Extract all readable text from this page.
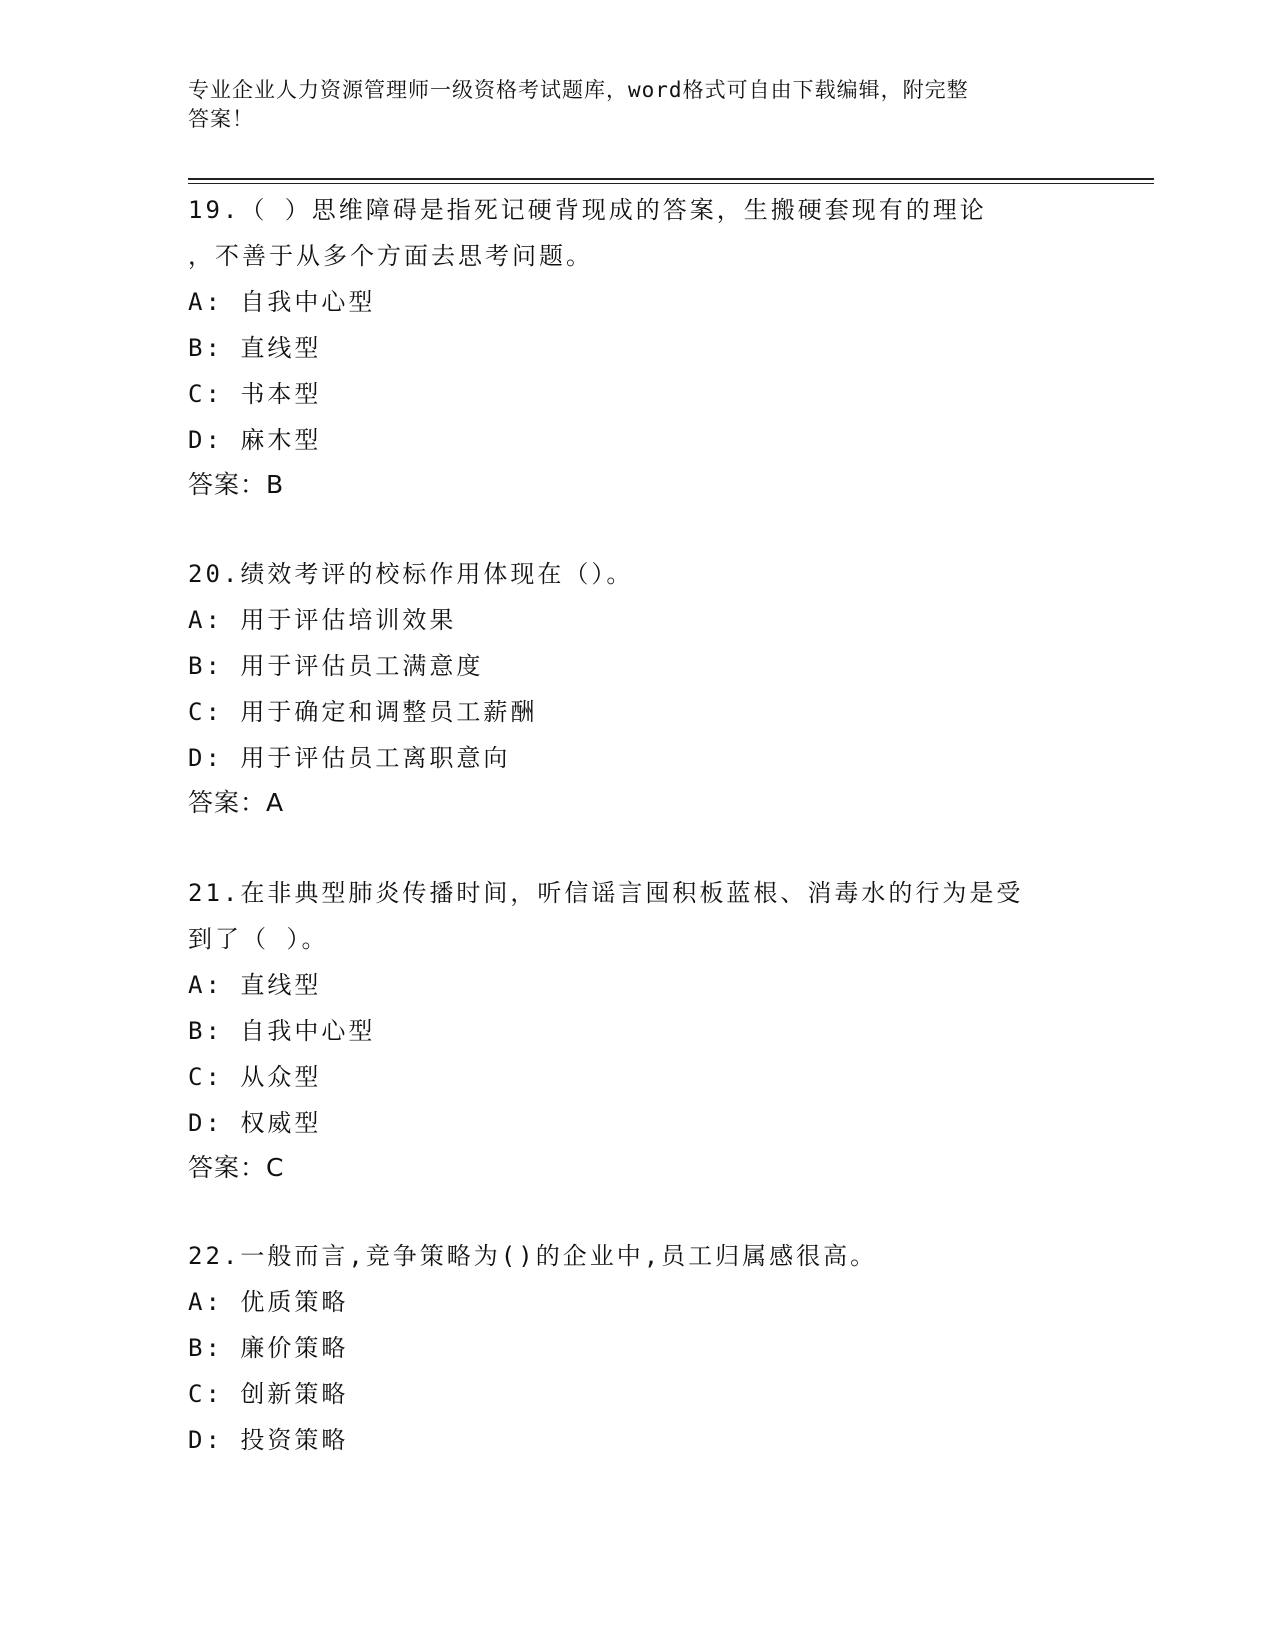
专业企业人力资源管理师一级资格考试题库，word格式可自由下载编辑，附完整
答案！
19.（ ）思维障碍是指死记硬背现成的答案，生搬硬套现有的理论
，不善于从多个方面去思考问题。
A: 自我中心型
B: 直线型
C: 书本型
D: 麻木型
答案：B
20.绩效考评的校标作用体现在（）。
A: 用于评估培训效果
B: 用于评估员工满意度
C: 用于确定和调整员工薪酬
D: 用于评估员工离职意向
答案：A
21.在非典型肺炎传播时间，听信谣言囤积板蓝根、消毒水的行为是受
到了（ ）。
A: 直线型
B: 自我中心型
C: 从众型
D: 权威型
答案：C
22.一般而言,竞争策略为()的企业中,员工归属感很高。
A: 优质策略
B: 廉价策略
C: 创新策略
D: 投资策略
